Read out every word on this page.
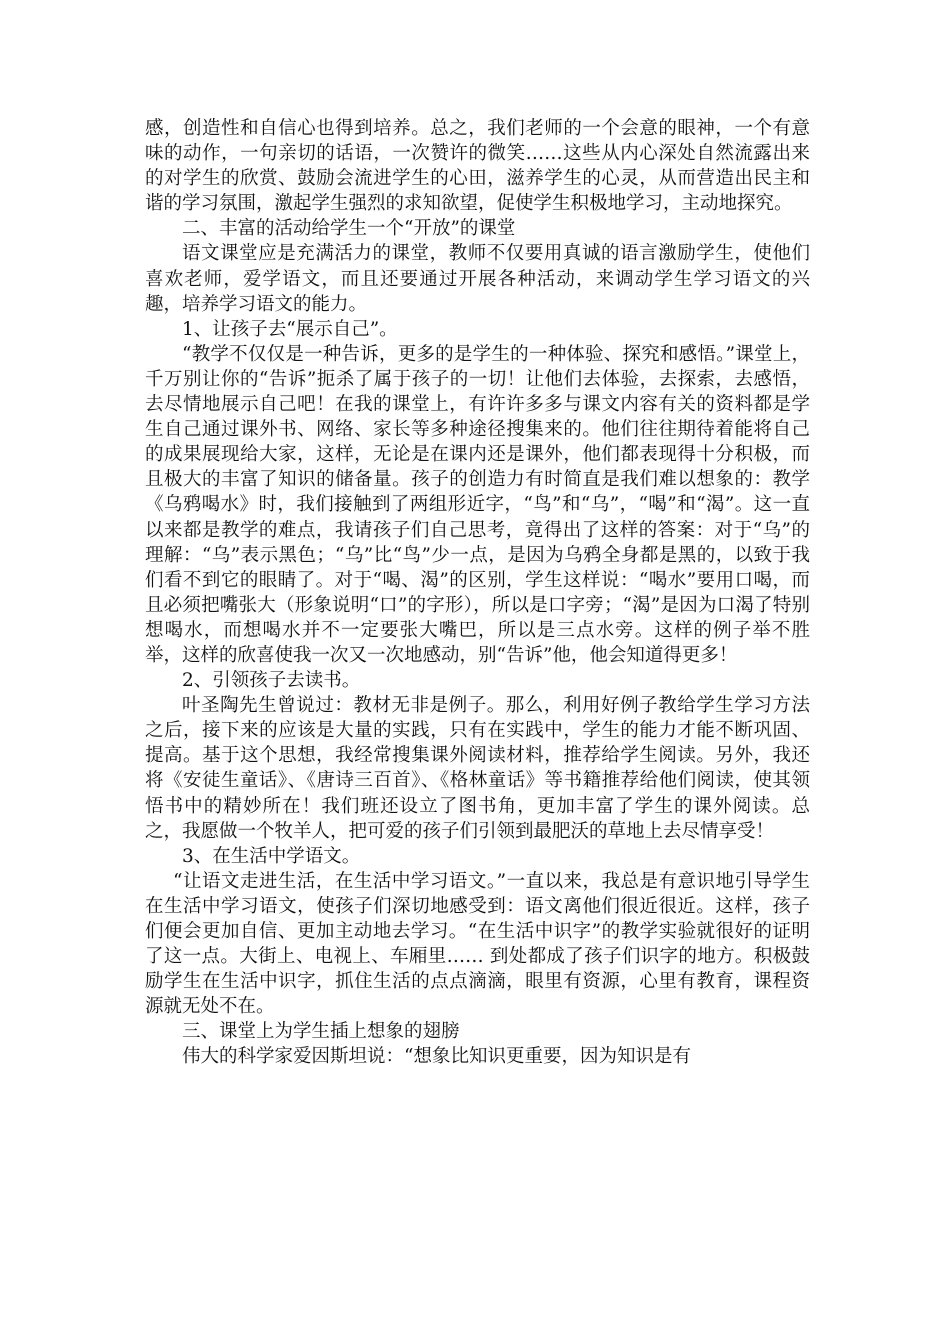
感，创造性和自信心也得到培养。总之，我们老师的一个会意的眼神，一个有意味的动作，一句亲切的话语，一次赞许的微笑……这些从内心深处自然流露出来的对学生的欣赏、鼓励会流进学生的心田，滋养学生的心灵，从而营造出民主和谐的学习氛围，激起学生强烈的求知欲望，促使学生积极地学习，主动地探究。

二、丰富的活动给学生一个“开放”的课堂

语文课堂应是充满活力的课堂，教师不仅要用真诚的语言激励学生，使他们喜欢老师，爱学语文，而且还要通过开展各种活动，来调动学生学习语文的兴趣，培养学习语文的能力。

1、让孩子去“展示自己”。

“教学不仅仅是一种告诉，更多的是学生的一种体验、探究和感悟。”课堂上，千万别让你的“告诉”扼杀了属于孩子的一切！让他们去体验，去探索，去感悟，去尽情地展示自己吧！在我的课堂上，有许许多多与课文内容有关的资料都是学生自己通过课外书、网络、家长等多种途径搜集来的。他们往往期待着能将自己的成果展现给大家，这样，无论是在课内还是课外，他们都表现得十分积极，而且极大的丰富了知识的储备量。孩子的创造力有时简直是我们难以想象的：教学《乌鸦喝水》时，我们接触到了两组形近字，“鸟”和“乌”，“喝”和“渴”。这一直以来都是教学的难点，我请孩子们自己思考，竟得出了这样的答案：对于“乌”的理解：“乌”表示黑色；“乌”比“鸟”少一点，是因为乌鸦全身都是黑的，以致于我们看不到它的眼睛了。对于“喝、渴”的区别，学生这样说：“喝水”要用口喝，而且必须把嘴张大（形象说明“口”的字形），所以是口字旁；“渴”是因为口渴了特别想喝水，而想喝水并不一定要张大嘴巴，所以是三点水旁。这样的例子举不胜举，这样的欣喜使我一次又一次地感动，别“告诉”他，他会知道得更多！

2、引领孩子去读书。

叶圣陶先生曾说过：教材无非是例子。那么，利用好例子教给学生学习方法之后，接下来的应该是大量的实践，只有在实践中，学生的能力才能不断巩固、提高。基于这个思想，我经常搜集课外阅读材料，推荐给学生阅读。另外，我还将《安徒生童话》、《唐诗三百首》、《格林童话》等书籍推荐给他们阅读，使其领悟书中的精妙所在！我们班还设立了图书角，更加丰富了学生的课外阅读。总之，我愿做一个牧羊人，把可爱的孩子们引领到最肥沃的草地上去尽情享受！

3、在生活中学语文。

“让语文走进生活，在生活中学习语文。”一直以来，我总是有意识地引导学生在生活中学习语文，使孩子们深切地感受到：语文离他们很近很近。这样，孩子们便会更加自信、更加主动地去学习。“在生活中识字”的教学实验就很好的证明了这一点。大街上、电视上、车厢里…… 到处都成了孩子们识字的地方。积极鼓励学生在生活中识字，抓住生活的点点滴滴，眼里有资源，心里有教育，课程资源就无处不在。

三、课堂上为学生插上想象的翅膀

伟大的科学家爱因斯坦说：“想象比知识更重要，因为知识是有
